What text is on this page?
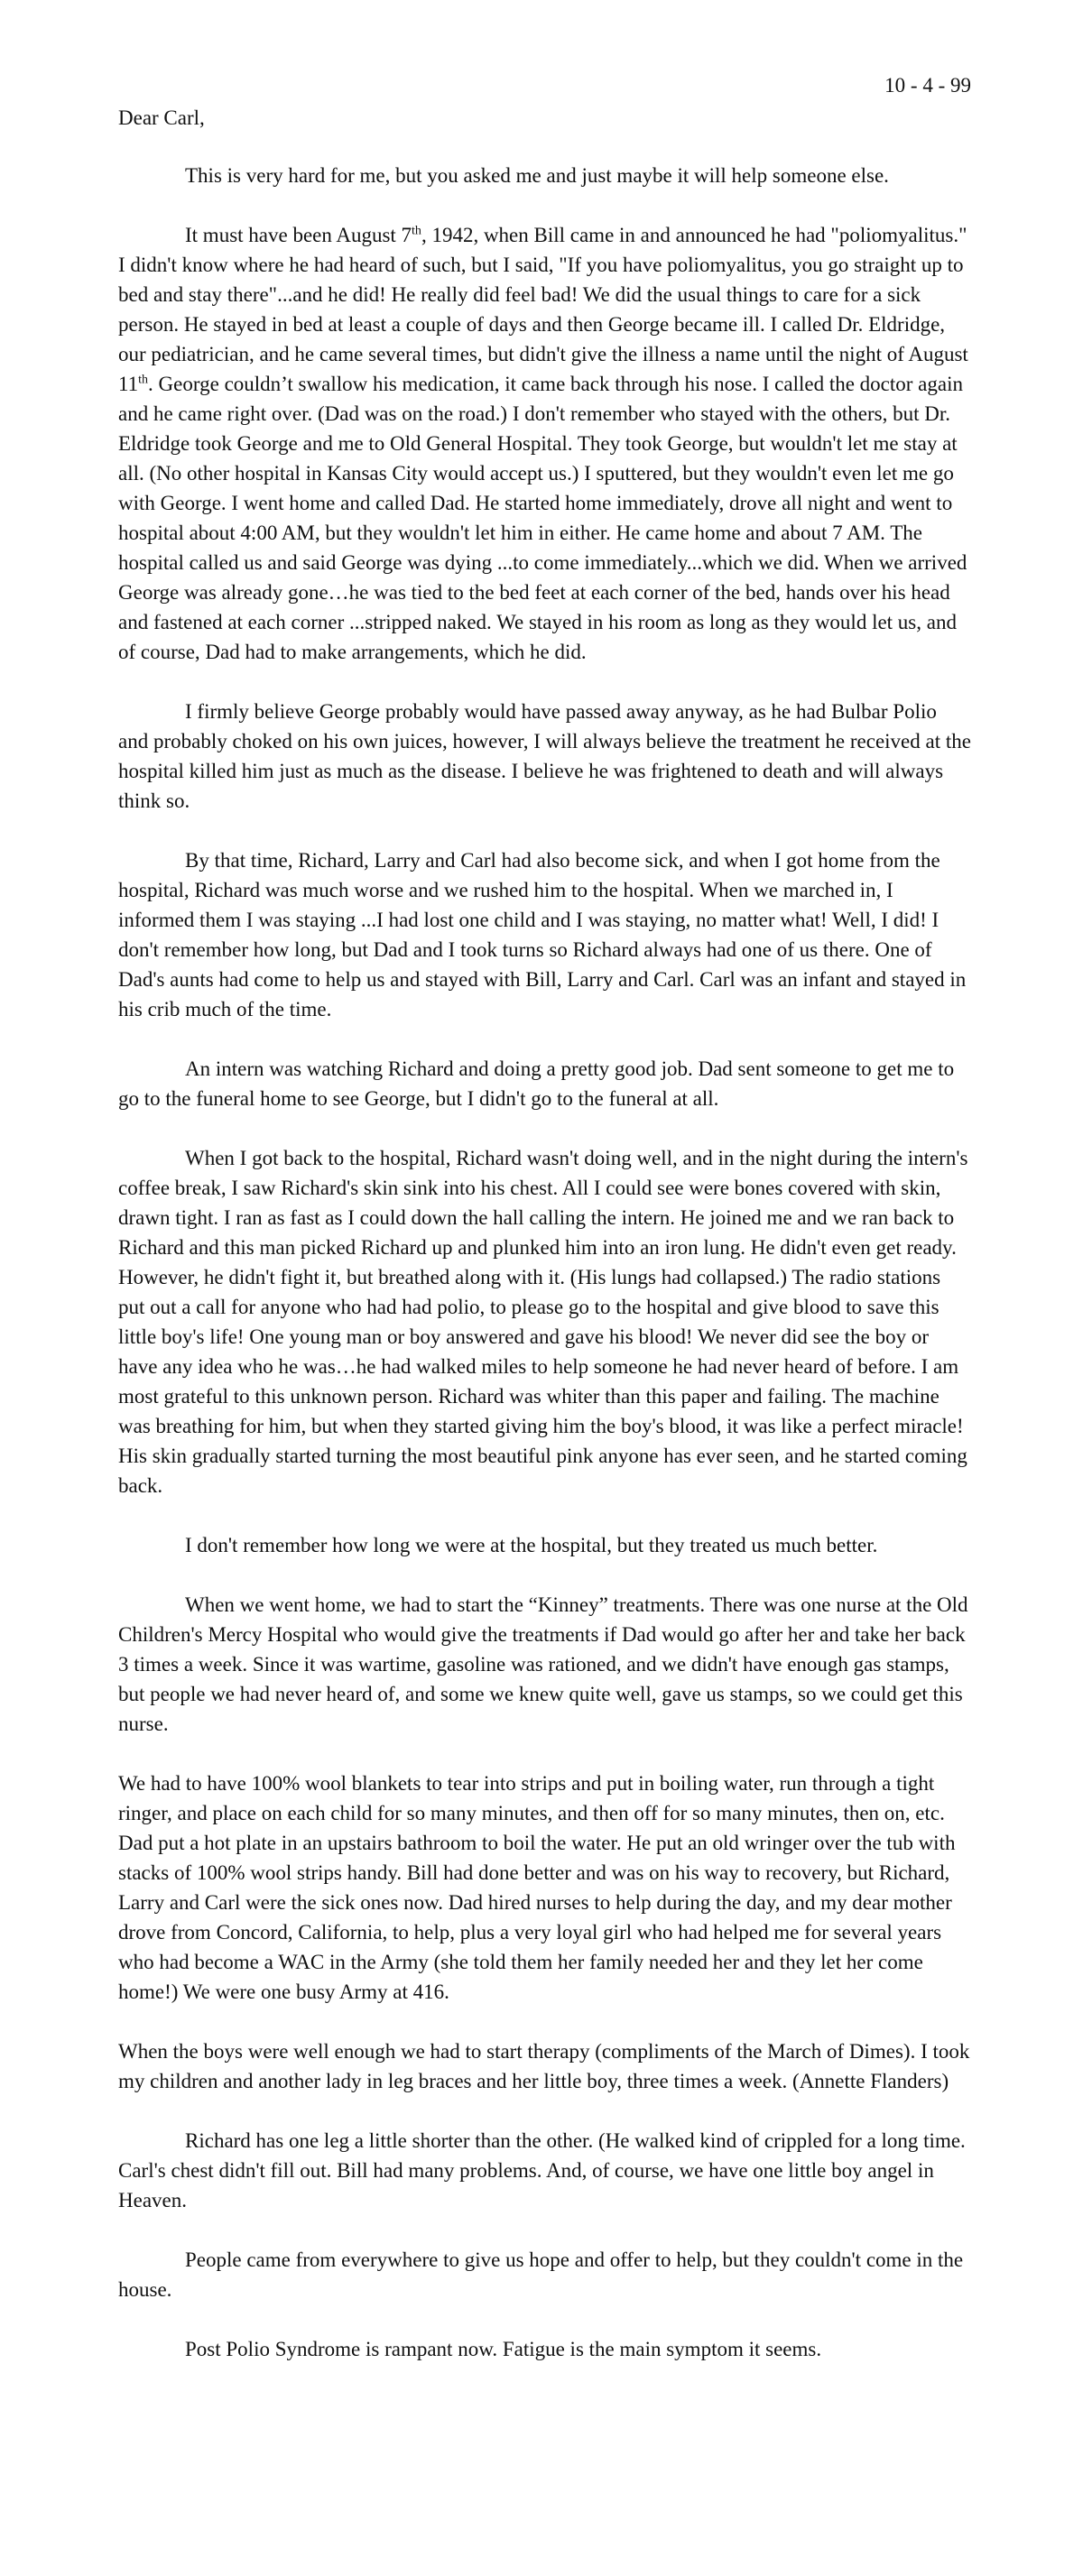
10 - 4 - 99
Dear Carl,

This is very hard for me, but you asked me and just maybe it will help someone else.

It must have been August 7th, 1942, when Bill came in and announced he had "poliomyalitus." I didn't know where he had heard of such, but I said, "If you have poliomyalitus, you go straight up to bed and stay there"...and he did! He really did feel bad! We did the usual things to care for a sick person. He stayed in bed at least a couple of days and then George became ill. I called Dr. Eldridge, our pediatrician, and he came several times, but didn't give the illness a name until the night of August 11th. George couldn’t swallow his medication, it came back through his nose. I called the doctor again and he came right over. (Dad was on the road.) I don't remember who stayed with the others, but Dr. Eldridge took George and me to Old General Hospital. They took George, but wouldn't let me stay at all. (No other hospital in Kansas City would accept us.) I sputtered, but they wouldn't even let me go with George. I went home and called Dad. He started home immediately, drove all night and went to hospital about 4:00 AM, but they wouldn't let him in either. He came home and about 7 AM. The hospital called us and said George was dying ...to come immediately...which we did. When we arrived George was already gone…he was tied to the bed feet at each corner of the bed, hands over his head and fastened at each corner ...stripped naked. We stayed in his room as long as they would let us, and of course, Dad had to make arrangements, which he did.

I firmly believe George probably would have passed away anyway, as he had Bulbar Polio and probably choked on his own juices, however, I will always believe the treatment he received at the hospital killed him just as much as the disease. I believe he was frightened to death and will always think so.

By that time, Richard, Larry and Carl had also become sick, and when I got home from the hospital, Richard was much worse and we rushed him to the hospital. When we marched in, I informed them I was staying ...I had lost one child and I was staying, no matter what! Well, I did! I don't remember how long, but Dad and I took turns so Richard always had one of us there. One of Dad's aunts had come to help us and stayed with Bill, Larry and Carl. Carl was an infant and stayed in his crib much of the time.

An intern was watching Richard and doing a pretty good job. Dad sent someone to get me to go to the funeral home to see George, but I didn't go to the funeral at all.

When I got back to the hospital, Richard wasn't doing well, and in the night during the intern's coffee break, I saw Richard's skin sink into his chest. All I could see were bones covered with skin, drawn tight. I ran as fast as I could down the hall calling the intern. He joined me and we ran back to Richard and this man picked Richard up and plunked him into an iron lung. He didn't even get ready. However, he didn't fight it, but breathed along with it. (His lungs had collapsed.) The radio stations put out a call for anyone who had had polio, to please go to the hospital and give blood to save this little boy's life! One young man or boy answered and gave his blood! We never did see the boy or have any idea who he was…he had walked miles to help someone he had never heard of before. I am most grateful to this unknown person. Richard was whiter than this paper and failing. The machine was breathing for him, but when they started giving him the boy's blood, it was like a perfect miracle! His skin gradually started turning the most beautiful pink anyone has ever seen, and he started coming back.

I don't remember how long we were at the hospital, but they treated us much better.

When we went home, we had to start the “Kinney” treatments. There was one nurse at the Old Children's Mercy Hospital who would give the treatments if Dad would go after her and take her back 3 times a week. Since it was wartime, gasoline was rationed, and we didn't have enough gas stamps, but people we had never heard of, and some we knew quite well, gave us stamps, so we could get this nurse.

We had to have 100% wool blankets to tear into strips and put in boiling water, run through a tight ringer, and place on each child for so many minutes, and then off for so many minutes, then on, etc. Dad put a hot plate in an upstairs bathroom to boil the water. He put an old wringer over the tub with stacks of 100% wool strips handy. Bill had done better and was on his way to recovery, but Richard, Larry and Carl were the sick ones now. Dad hired nurses to help during the day, and my dear mother drove from Concord, California, to help, plus a very loyal girl who had helped me for several years who had become a WAC in the Army (she told them her family needed her and they let her come home!) We were one busy Army at 416.

When the boys were well enough we had to start therapy (compliments of the March of Dimes). I took my children and another lady in leg braces and her little boy, three times a week. (Annette Flanders)

Richard has one leg a little shorter than the other. (He walked kind of crippled for a long time. Carl's chest didn't fill out. Bill had many problems. And, of course, we have one little boy angel in Heaven.

People came from everywhere to give us hope and offer to help, but they couldn't come in the house.

Post Polio Syndrome is rampant now. Fatigue is the main symptom it seems.
